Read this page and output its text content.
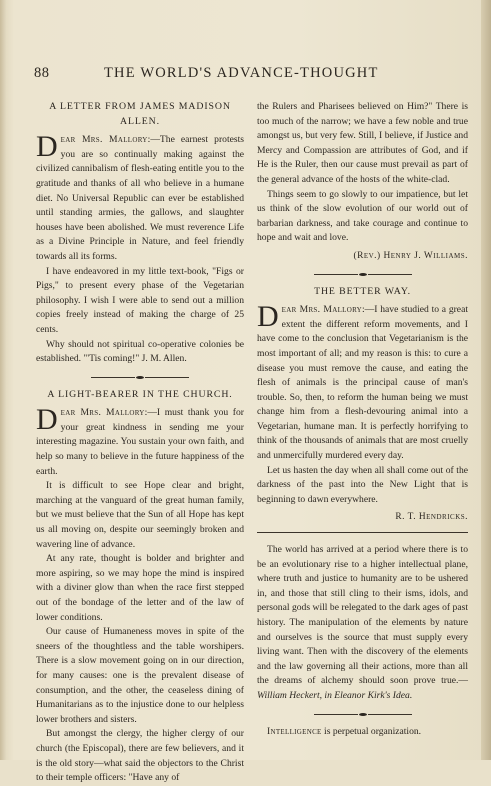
88	THE WORLD'S ADVANCE-THOUGHT

A LETTER FROM JAMES MADISON ALLEN.

Dear Mrs. Mallory:—The earnest protests you are so continually making against the civilized cannibalism of flesh-eating entitle you to the gratitude and thanks of all who believe in a humane diet. No Universal Republic can ever be established until standing armies, the gallows, and slaughter houses have been abolished. We must reverence Life as a Divine Principle in Nature, and feel friendly towards all its forms.

I have endeavored in my little text-book, "Figs or Pigs," to present every phase of the Vegetarian philosophy. I wish I were able to send out a million copies freely instead of making the charge of 25 cents.

Why should not spiritual co-operative colonies be established. "'Tis coming!" J. M. Allen.

A LIGHT-BEARER IN THE CHURCH.

Dear Mrs. Mallory:—I must thank you for your great kindness in sending me your interesting magazine. You sustain your own faith, and help so many to believe in the future happiness of the earth.

It is difficult to see Hope clear and bright, marching at the vanguard of the great human family, but we must believe that the Sun of all Hope has kept us all moving on, despite our seemingly broken and wavering line of advance.

At any rate, thought is bolder and brighter and more aspiring, so we may hope the mind is inspired with a diviner glow than when the race first stepped out of the bondage of the letter and of the law of lower conditions.

Our cause of Humaneness moves in spite of the sneers of the thoughtless and the table worshipers. There is a slow movement going on in our direction, for many causes: one is the prevalent disease of consumption, and the other, the ceaseless dining of Humanitarians as to the injustice done to our helpless lower brothers and sisters.

But amongst the clergy, the higher clergy of our church (the Episcopal), there are few believers, and it is the old story—what said the objectors to the Christ to their temple officers: "Have any of

the Rulers and Pharisees believed on Him?" There is too much of the narrow; we have a few noble and true amongst us, but very few. Still, I believe, if Justice and Mercy and Compassion are attributes of God, and if He is the Ruler, then our cause must prevail as part of the general advance of the hosts of the white-clad.

Things seem to go slowly to our impatience, but let us think of the slow evolution of our world out of barbarian darkness, and take courage and continue to hope and wait and love.

(Rev.) Henry J. Williams.

THE BETTER WAY.

Dear Mrs. Mallory:—I have studied to a great extent the different reform movements, and I have come to the conclusion that Vegetarianism is the most important of all; and my reason is this: to cure a disease you must remove the cause, and eating the flesh of animals is the principal cause of man's trouble. So, then, to reform the human being we must change him from a flesh-devouring animal into a Vegetarian, humane man. It is perfectly horrifying to think of the thousands of animals that are most cruelly and unmercifully murdered every day.

Let us hasten the day when all shall come out of the darkness of the past into the New Light that is beginning to dawn everywhere.

R. T. Hendricks.

The world has arrived at a period where there is to be an evolutionary rise to a higher intellectual plane, where truth and justice to humanity are to be ushered in, and those that still cling to their isms, idols, and personal gods will be relegated to the dark ages of past history. The manipulation of the elements by nature and ourselves is the source that must supply every living want. Then with the discovery of the elements and the law governing all their actions, more than all the dreams of alchemy should soon prove true.—William Heckert, in Eleanor Kirk's Idea.

Intelligence is perpetual organization.
